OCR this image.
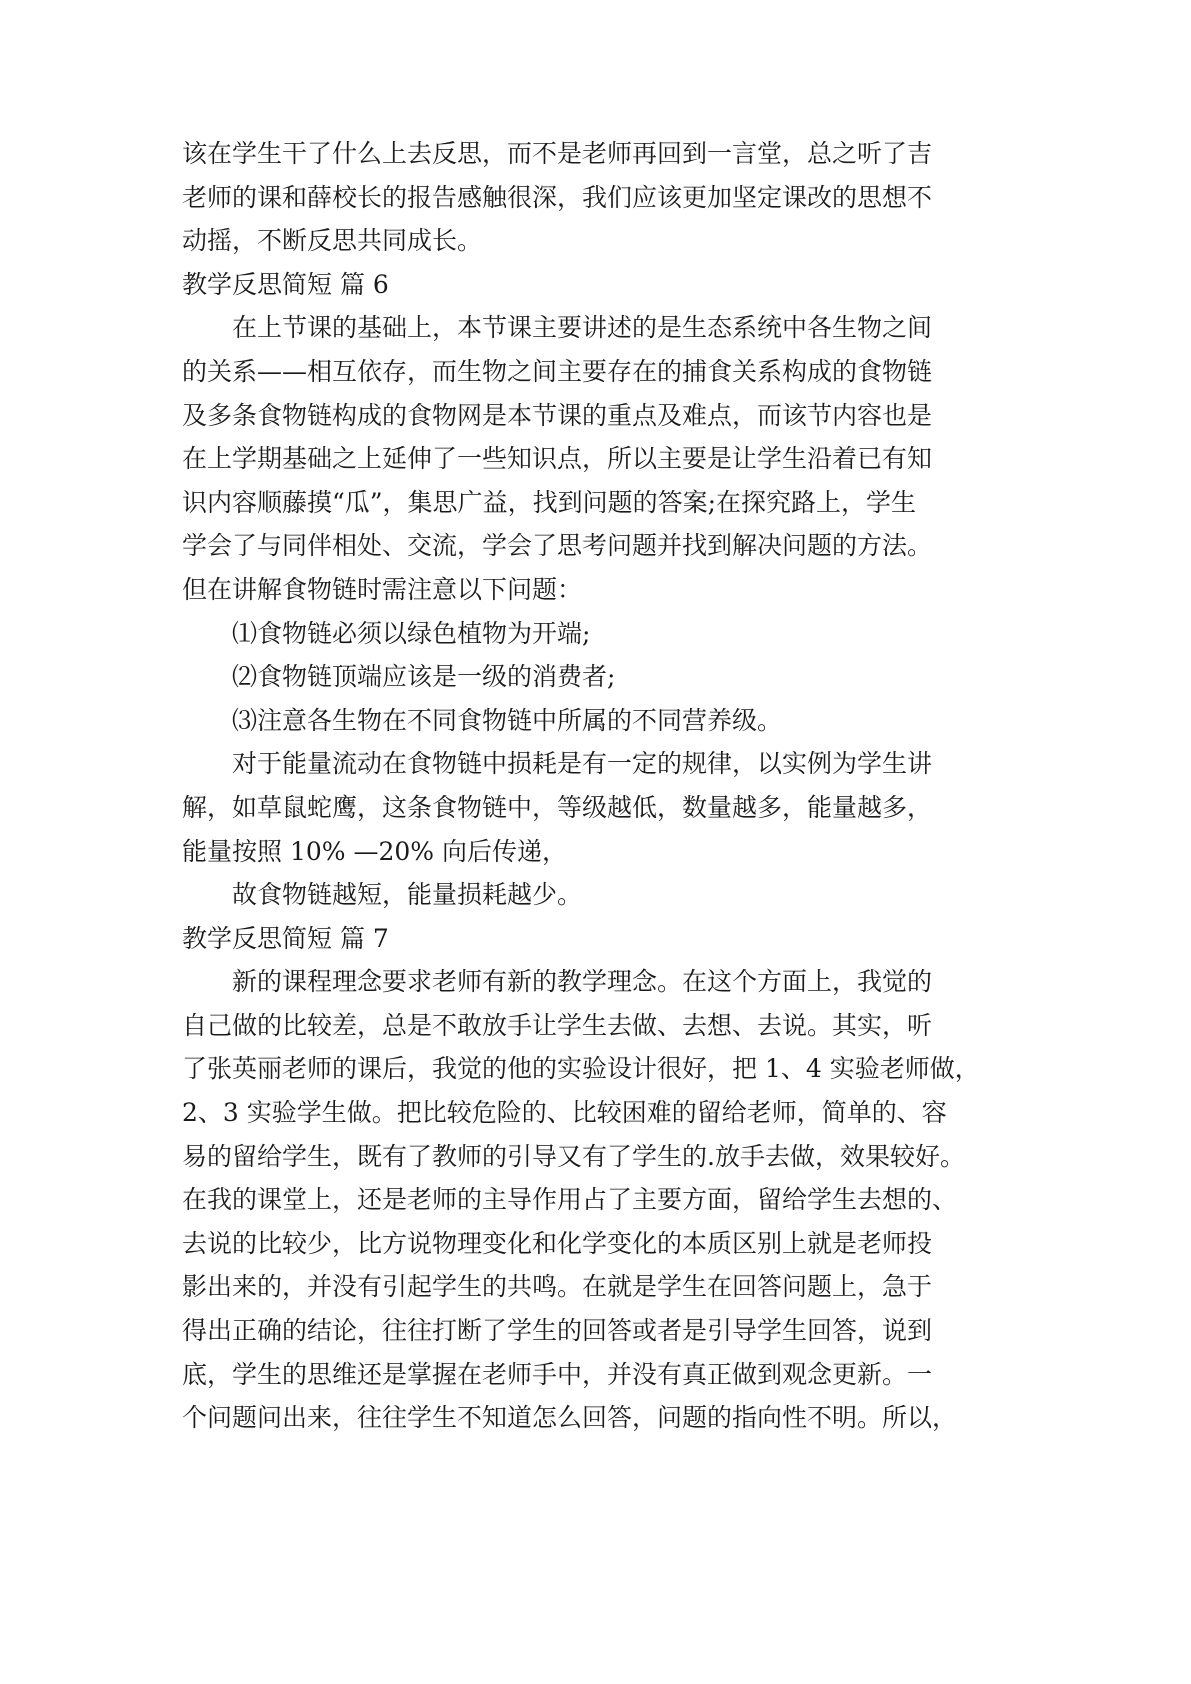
该在学生干了什么上去反思，而不是老师再回到一言堂，总之听了吉
老师的课和薛校长的报告感触很深，我们应该更加坚定课改的思想不
动摇，不断反思共同成长。
教学反思简短 篇 6
在上节课的基础上，本节课主要讲述的是生态系统中各生物之间
的关系——相互依存，而生物之间主要存在的捕食关系构成的食物链
及多条食物链构成的食物网是本节课的重点及难点，而该节内容也是
在上学期基础之上延伸了一些知识点，所以主要是让学生沿着已有知
识内容顺藤摸“瓜”，集思广益，找到问题的答案;在探究路上，学生
学会了与同伴相处、交流，学会了思考问题并找到解决问题的方法。
但在讲解食物链时需注意以下问题：
⑴食物链必须以绿色植物为开端;
⑵食物链顶端应该是一级的消费者;
⑶注意各生物在不同食物链中所属的不同营养级。
对于能量流动在食物链中损耗是有一定的规律，以实例为学生讲
解，如草鼠蛇鹰，这条食物链中，等级越低，数量越多，能量越多，
能量按照 10% —20% 向后传递，
故食物链越短，能量损耗越少。
教学反思简短 篇 7
新的课程理念要求老师有新的教学理念。在这个方面上，我觉的
自己做的比较差，总是不敢放手让学生去做、去想、去说。其实，听
了张英丽老师的课后，我觉的他的实验设计很好，把 1、4 实验老师做，
2、3 实验学生做。把比较危险的、比较困难的留给老师，简单的、容
易的留给学生，既有了教师的引导又有了学生的.放手去做，效果较好。
在我的课堂上，还是老师的主导作用占了主要方面，留给学生去想的、
去说的比较少，比方说物理变化和化学变化的本质区别上就是老师投
影出来的，并没有引起学生的共鸣。在就是学生在回答问题上，急于
得出正确的结论，往往打断了学生的回答或者是引导学生回答，说到
底，学生的思维还是掌握在老师手中，并没有真正做到观念更新。一
个问题问出来，往往学生不知道怎么回答，问题的指向性不明。所以，
